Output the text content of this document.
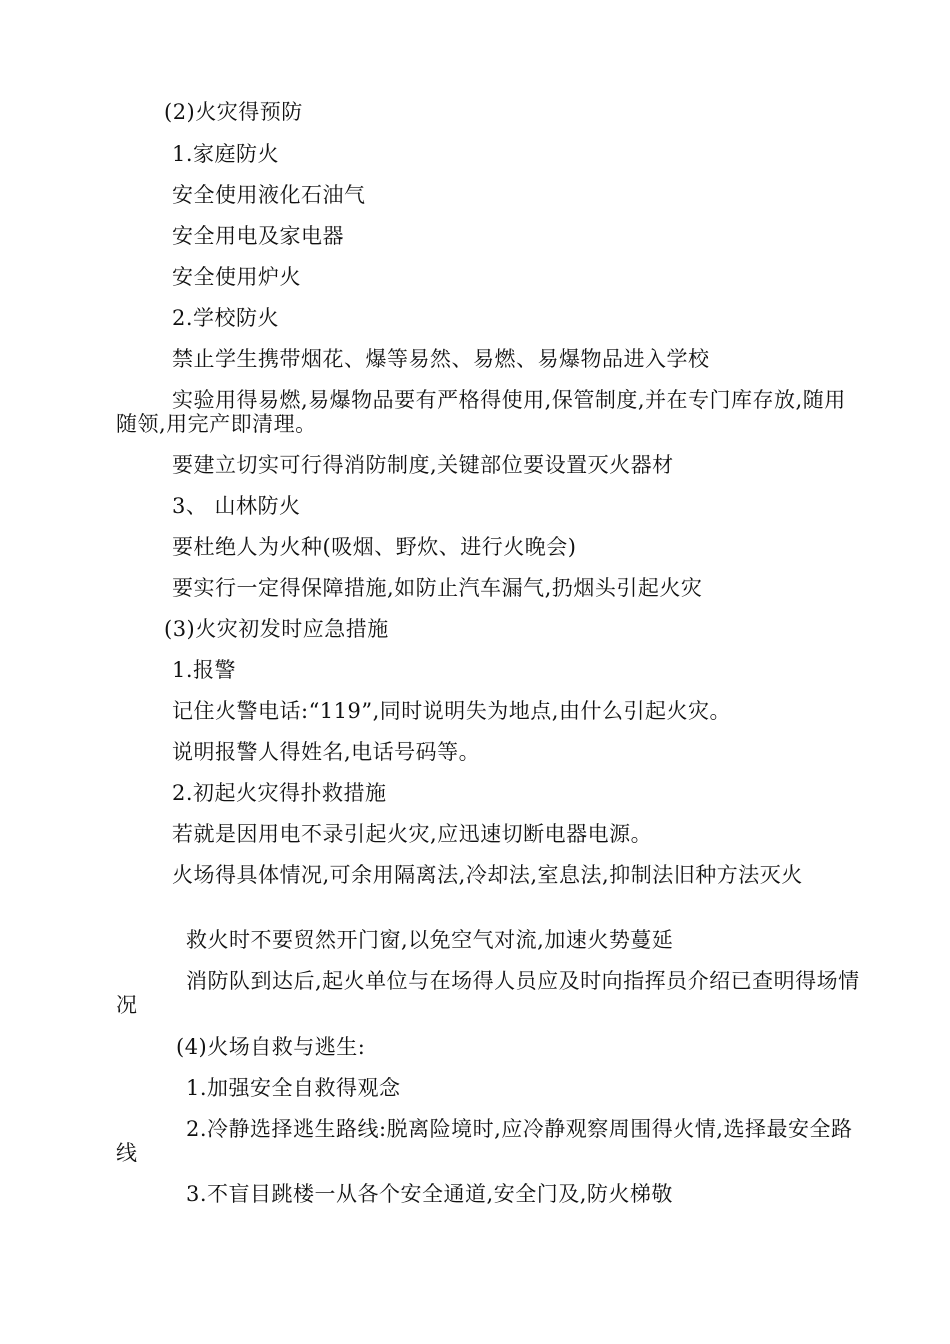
(2)火灾得预防
1.家庭防火
安全使用液化石油气
安全用电及家电器
安全使用炉火
2.学校防火
禁止学生携带烟花、爆等易然、易燃、易爆物品进入学校
实验用得易燃,易爆物品要有严格得使用,保管制度,并在专门库存放,随用随领,用完产即清理。
要建立切实可行得消防制度,关键部位要设置灭火器材
3、 山林防火
要杜绝人为火种(吸烟、野炊、进行火晚会)
要实行一定得保障措施,如防止汽车漏气,扔烟头引起火灾
(3)火灾初发时应急措施
1.报警
记住火警电话:“119”,同时说明失为地点,由什么引起火灾。
说明报警人得姓名,电话号码等。
2.初起火灾得扑救措施
若就是因用电不录引起火灾,应迅速切断电器电源。
火场得具体情况,可余用隔离法,冷却法,室息法,抑制法旧种方法灭火
救火时不要贸然开门窗,以免空气对流,加速火势蔓延
消防队到达后,起火单位与在场得人员应及时向指挥员介绍已查明得场情况
(4)火场自救与逃生:
1.加强安全自救得观念
2.冷静选择逃生路线:脱离险境时,应冷静观察周围得火情,选择最安全路线
3.不盲目跳楼一从各个安全通道,安全门及,防火梯敬
